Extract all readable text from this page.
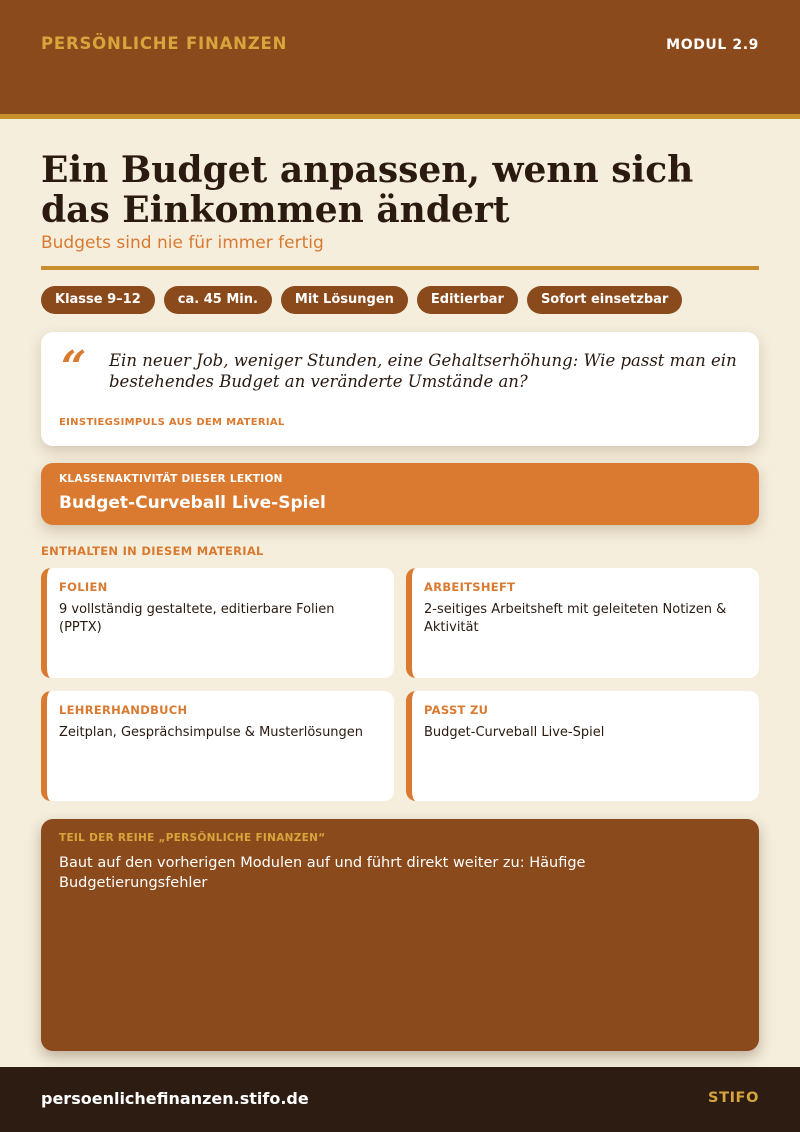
PERSÖNLICHE FINANZEN	MODUL 2.9
Ein Budget anpassen, wenn sich das Einkommen ändert
Budgets sind nie für immer fertig
Klasse 9–12	ca. 45 Min.	Mit Lösungen	Editierbar	Sofort einsetzbar
“ Ein neuer Job, weniger Stunden, eine Gehaltserhöhung: Wie passt man ein bestehendes Budget an veränderte Umstände an?
EINSTIEGSIMPULS AUS DEM MATERIAL
KLASSENAKTIVITÄT DIESER LEKTION
Budget-Curveball Live-Spiel
ENTHALTEN IN DIESEM MATERIAL
FOLIEN
9 vollständig gestaltete, editierbare Folien (PPTX)
ARBEITSHEFT
2-seitiges Arbeitsheft mit geleiteten Notizen & Aktivität
LEHRERHANDBUCH
Zeitplan, Gesprächsimpulse & Musterlösungen
PASST ZU
Budget-Curveball Live-Spiel
TEIL DER REIHE „PERSÖNLICHE FINANZEN“
Baut auf den vorherigen Modulen auf und führt direkt weiter zu: Häufige Budgetierungsfehler
persoenlichefinanzen.stifo.de	STIFO
